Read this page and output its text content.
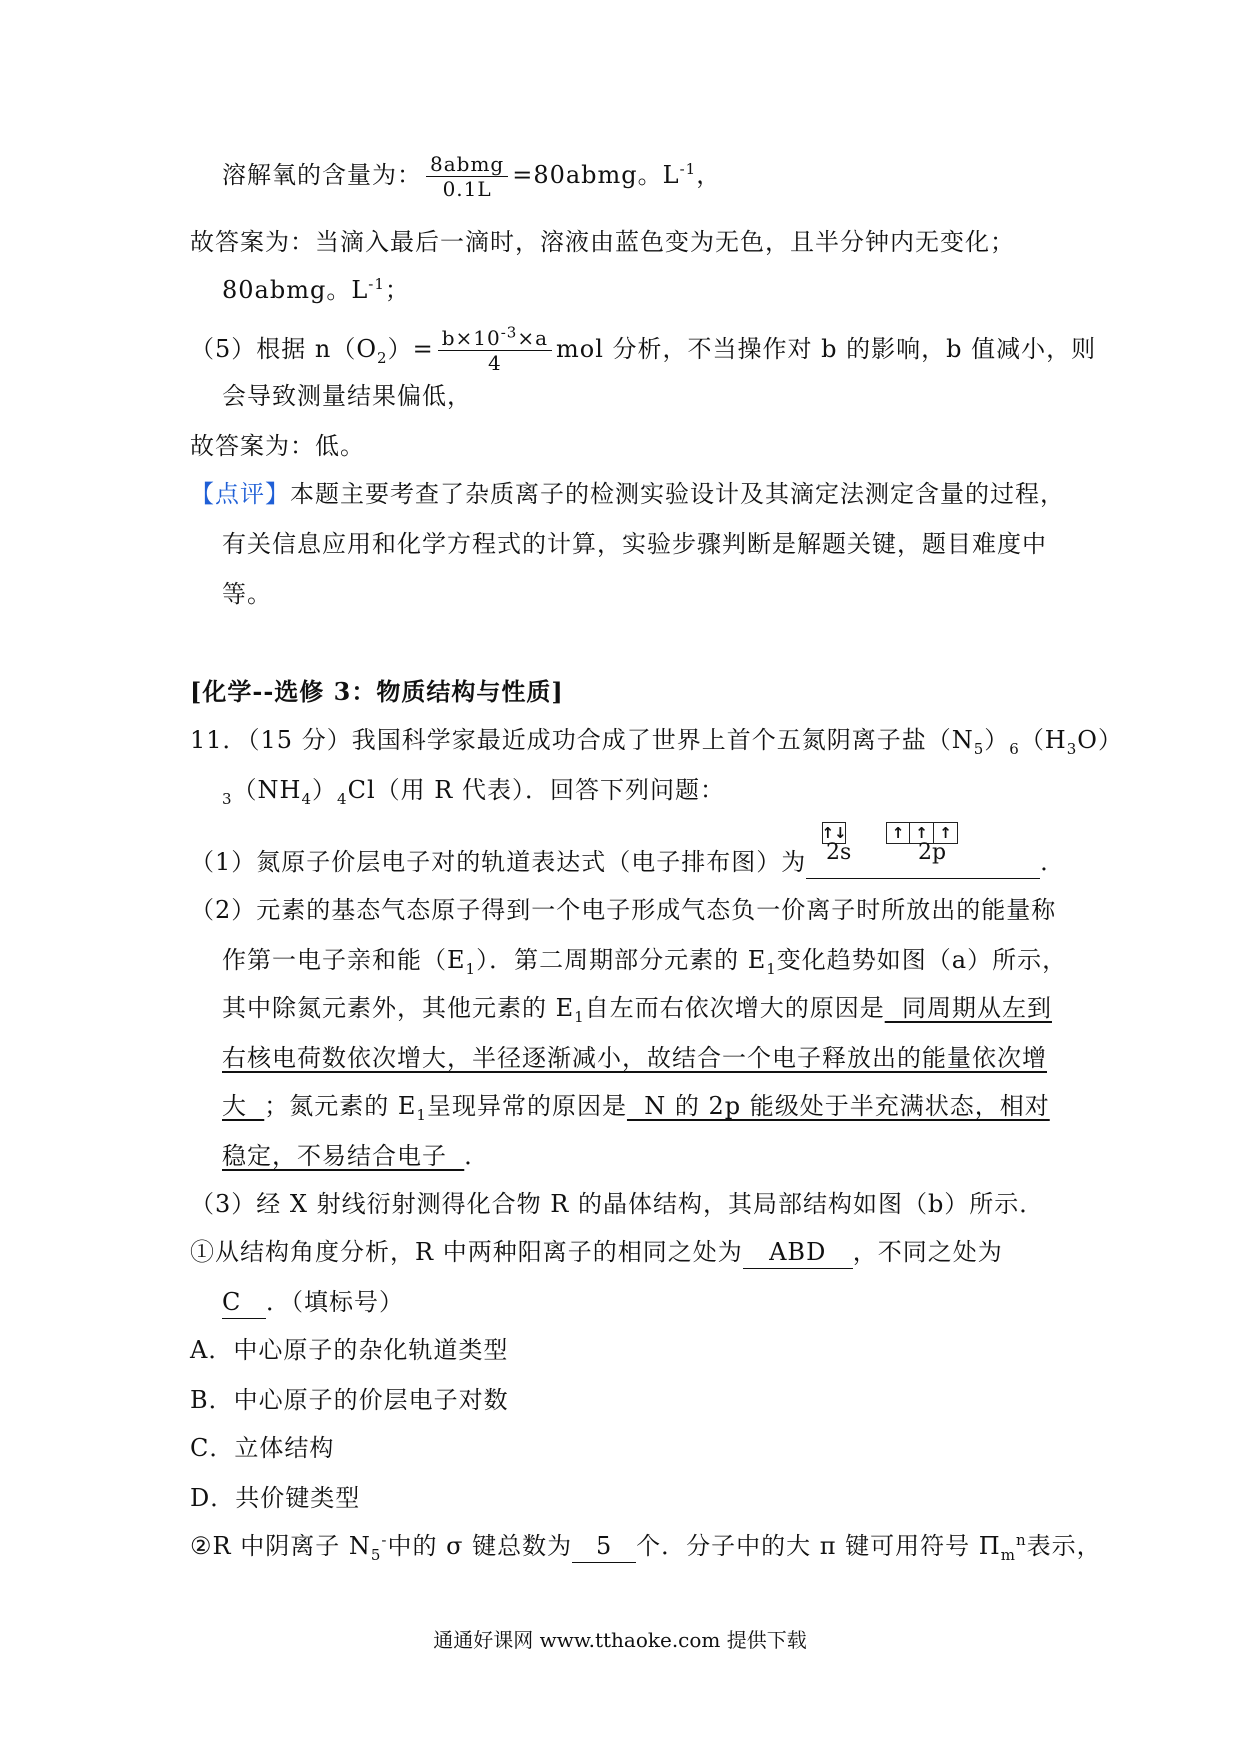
溶解氧的含量为： $\frac{\text{8abmg}}{0.1L}$ =80abmg。$L^{-1}$，
故答案为：当滴入最后一滴时，溶液由蓝色变为无色，且半分钟内无变化；
80abmg。$L^{-1}$；
（5）根据 $n(O_2)= \frac{b\times 10^{-3}\times a}{4}$ mol 分析，不当操作对 b 的影响，b 值减小，则
会导致测量结果偏低，
故答案为：低。
【点评】本题主要考查了杂质离子的检测实验设计及其滴定法测定含量的过程，
有关信息应用和化学方程式的计算，实验步骤判断是解题关键，题目难度中
等。
[化学--选修 3：物质结构与性质]
11．（15 分）我国科学家最近成功合成了世界上首个五氮阴离子盐$(N_5)_6(H_3O)$
$_3(NH_4)_4Cl$（用 R 代表）．回答下列问题：
↑↓	↑ ↑ ↑
2s	2p
（1）氮原子价层电子对的轨道表达式（电子排布图）为	．
（2）元素的基态气态原子得到一个电子形成气态负一价离子时所放出的能量称
作第一电子亲和能$(E_1)$．第二周期部分元素的 $E_1$变化趋势如图（a）所示，
其中除氮元素外，其他元素的 $E_1$自左而右依次增大的原因是  同周期从左到
右核电荷数依次增大，半径逐渐减小，故结合一个电子释放出的能量依次增
大  ；氮元素的 $E_1$呈现异常的原因是  N 的 2p 能级处于半充满状态，相对
稳定，不易结合电子  ．
（3）经 X 射线衍射测得化合物 R 的晶体结构，其局部结构如图（b）所示．
①从结构角度分析，R 中两种阳离子的相同之处为 ABD ，不同之处为
C ．（填标号）
A．中心原子的杂化轨道类型
B．中心原子的价层电子对数
C．立体结构
D．共价键类型
②R 中阴离子 $N_5^-$中的 σ 键总数为 5 个．分子中的大 π 键可用符号 $\Pi_m^n$表示，
通通好课网 www.tthaoke.com 提供下载
